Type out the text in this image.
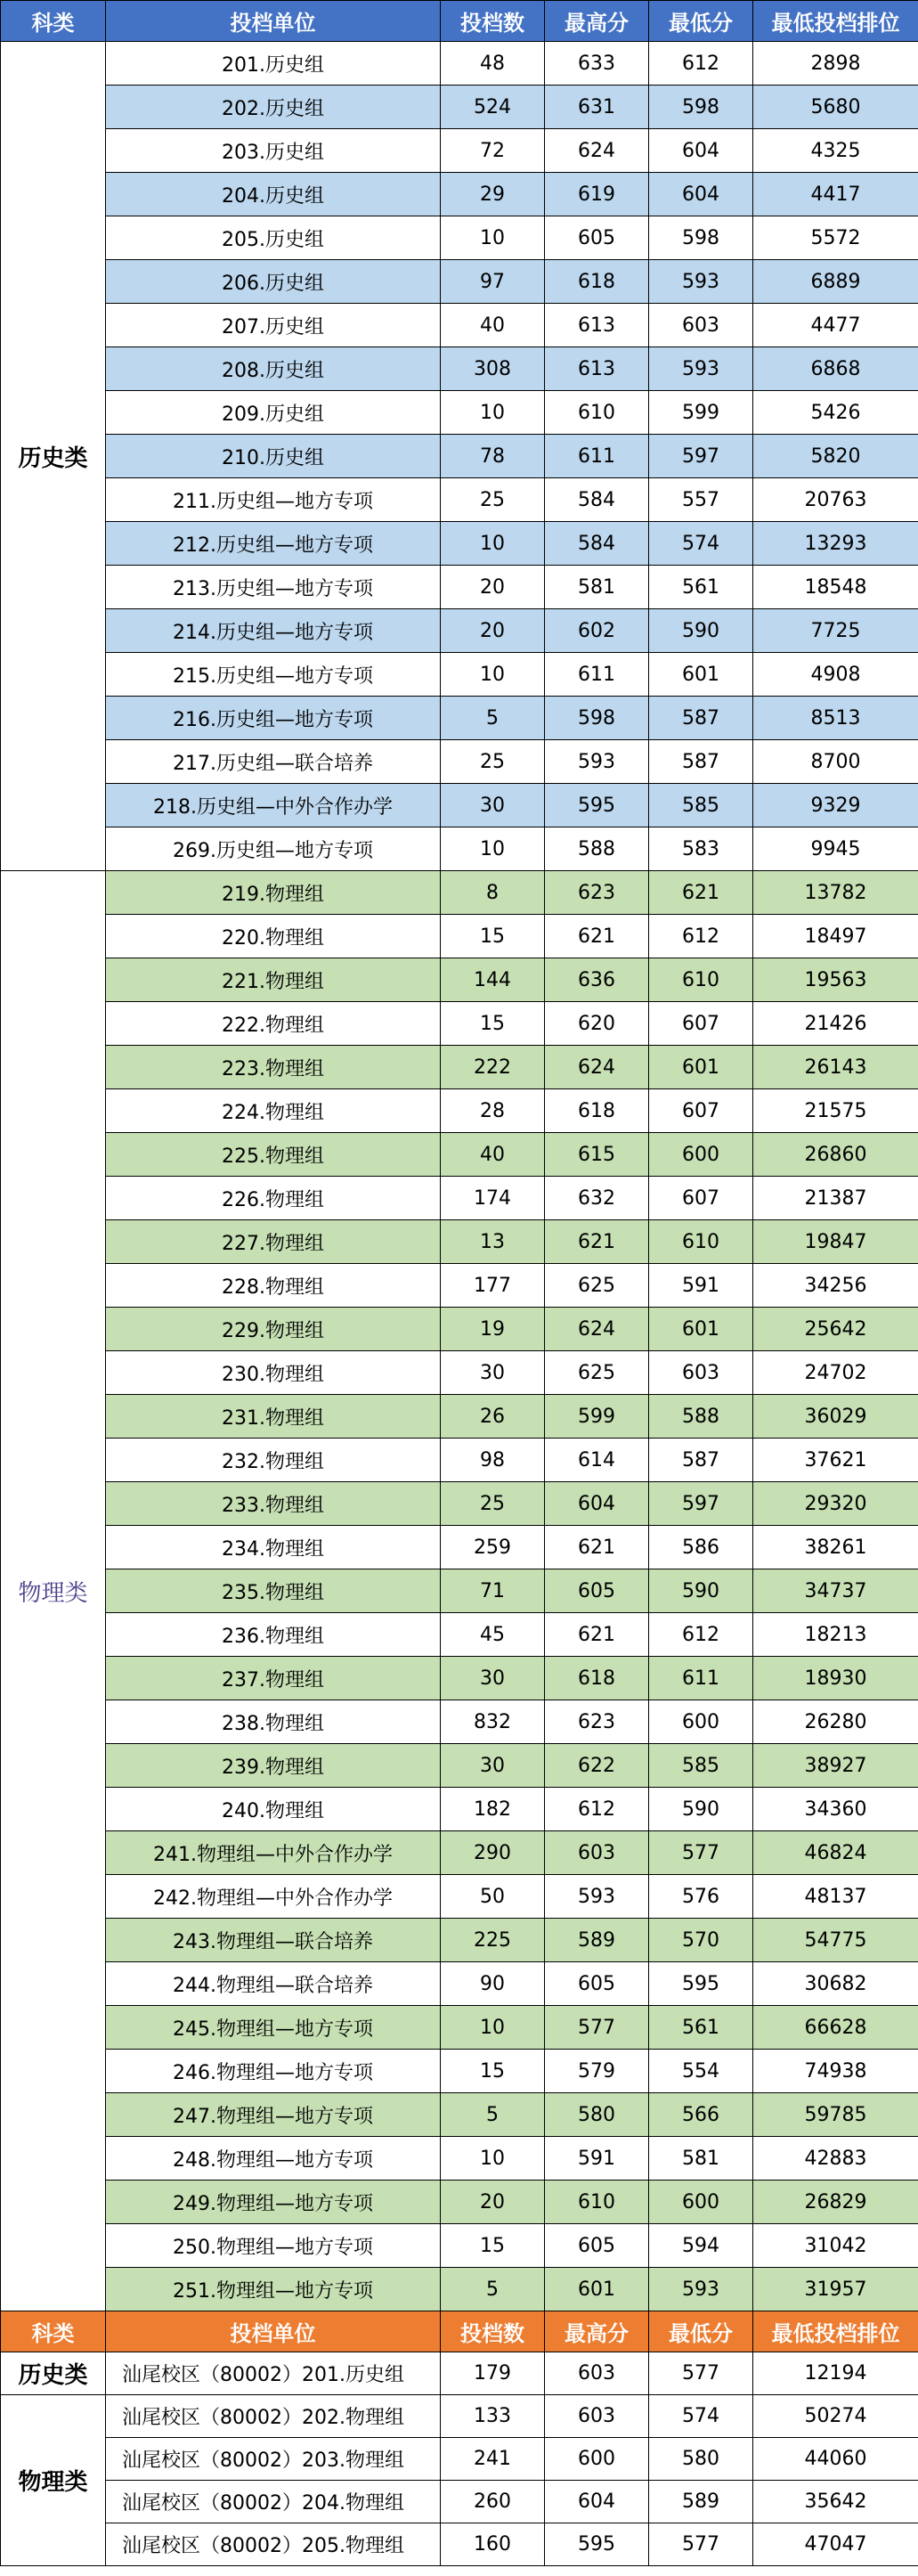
科类	投档单位	投档数	最高分	最低分	最低投档排位
历史类	201.历史组	48	633	612	2898
	202.历史组	524	631	598	5680
	203.历史组	72	624	604	4325
	204.历史组	29	619	604	4417
	205.历史组	10	605	598	5572
	206.历史组	97	618	593	6889
	207.历史组	40	613	603	4477
	208.历史组	308	613	593	6868
	209.历史组	10	610	599	5426
	210.历史组	78	611	597	5820
	211.历史组—地方专项	25	584	557	20763
	212.历史组—地方专项	10	584	574	13293
	213.历史组—地方专项	20	581	561	18548
	214.历史组—地方专项	20	602	590	7725
	215.历史组—地方专项	10	611	601	4908
	216.历史组—地方专项	5	598	587	8513
	217.历史组—联合培养	25	593	587	8700
	218.历史组—中外合作办学	30	595	585	9329
	269.历史组—地方专项	10	588	583	9945
物理类	219.物理组	8	623	621	13782
	220.物理组	15	621	612	18497
	221.物理组	144	636	610	19563
	222.物理组	15	620	607	21426
	223.物理组	222	624	601	26143
	224.物理组	28	618	607	21575
	225.物理组	40	615	600	26860
	226.物理组	174	632	607	21387
	227.物理组	13	621	610	19847
	228.物理组	177	625	591	34256
	229.物理组	19	624	601	25642
	230.物理组	30	625	603	24702
	231.物理组	26	599	588	36029
	232.物理组	98	614	587	37621
	233.物理组	25	604	597	29320
	234.物理组	259	621	586	38261
	235.物理组	71	605	590	34737
	236.物理组	45	621	612	18213
	237.物理组	30	618	611	18930
	238.物理组	832	623	600	26280
	239.物理组	30	622	585	38927
	240.物理组	182	612	590	34360
	241.物理组—中外合作办学	290	603	577	46824
	242.物理组—中外合作办学	50	593	576	48137
	243.物理组—联合培养	225	589	570	54775
	244.物理组—联合培养	90	605	595	30682
	245.物理组—地方专项	10	577	561	66628
	246.物理组—地方专项	15	579	554	74938
	247.物理组—地方专项	5	580	566	59785
	248.物理组—地方专项	10	591	581	42883
	249.物理组—地方专项	20	610	600	26829
	250.物理组—地方专项	15	605	594	31042
	251.物理组—地方专项	5	601	593	31957
科类	投档单位	投档数	最高分	最低分	最低投档排位
历史类	汕尾校区（80002）201.历史组	179	603	577	12194
物理类	汕尾校区（80002）202.物理组	133	603	574	50274
	汕尾校区（80002）203.物理组	241	600	580	44060
	汕尾校区（80002）204.物理组	260	604	589	35642
	汕尾校区（80002）205.物理组	160	595	577	47047
